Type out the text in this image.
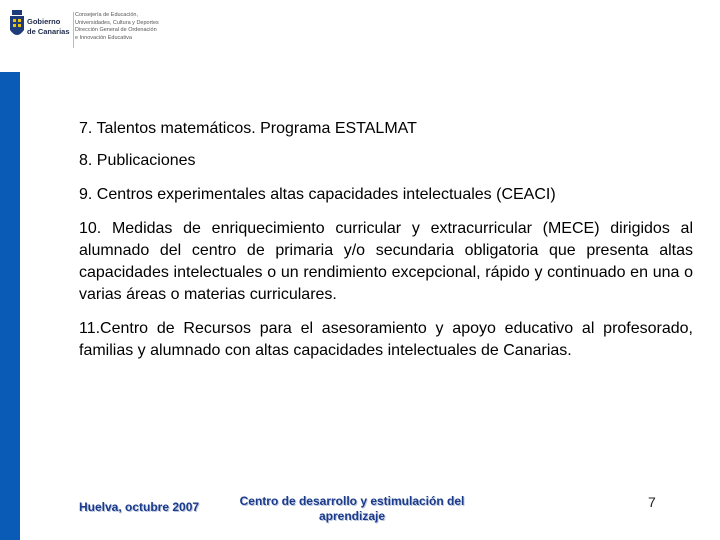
Gobierno
de Canarias
Consejería de Educación,
Universidades, Cultura y Deportes
Dirección General de Ordenación
e Innovación Educativa

7. Talentos matemáticos. Programa ESTALMAT

8. Publicaciones

9. Centros experimentales altas capacidades intelectuales (CEACI)

10. Medidas de enriquecimiento curricular y extracurricular (MECE) dirigidos al alumnado del centro de primaria y/o secundaria obligatoria que presenta altas capacidades intelectuales o un rendimiento excepcional, rápido y continuado en una o varias áreas o materias curriculares.

11.Centro de Recursos para el asesoramiento y apoyo educativo al profesorado, familias y alumnado con altas capacidades intelectuales de Canarias.

Huelva, octubre 2007	Centro de desarrollo y estimulación del aprendizaje
7
